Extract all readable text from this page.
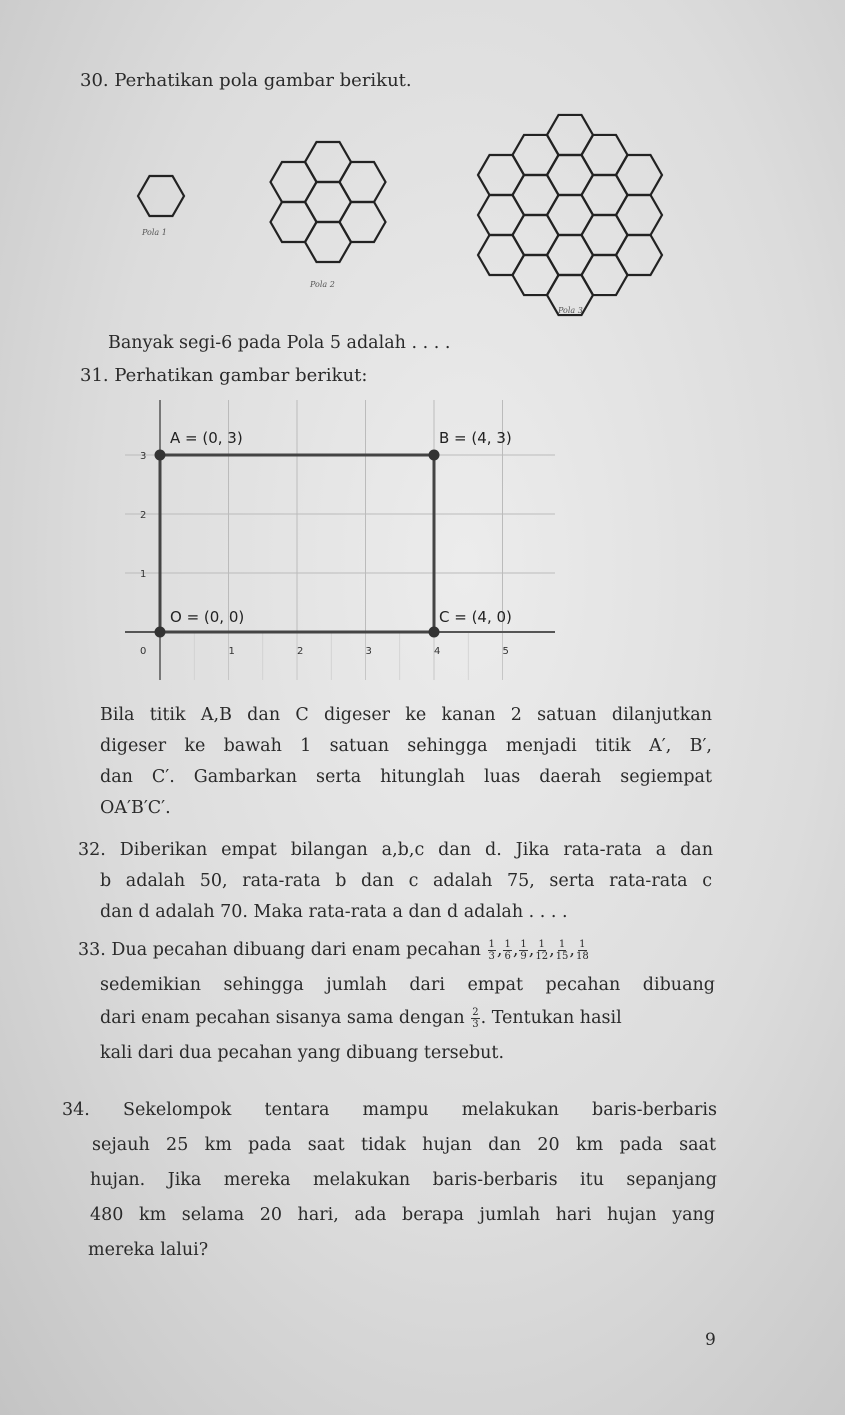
30. Perhatikan pola gambar berikut.
Pola 1
Pola 2
Pola 3
Banyak segi-6 pada Pola 5 adalah . . . .
31. Perhatikan gambar berikut:
0	1	2	3	4	5
1
2
3
A = (0, 3)	B = (4, 3)
O = (0, 0)	C = (4, 0)
Bila titik A,B dan C digeser ke kanan 2 satuan dilanjutkan
digeser ke bawah 1 satuan sehingga menjadi titik A′, B′,
dan C′. Gambarkan serta hitunglah luas daerah segiempat
OA′B′C′.
32. Diberikan empat bilangan a,b,c dan d. Jika rata-rata a dan
b adalah 50, rata-rata b dan c adalah 75, serta rata-rata c
dan d adalah 70. Maka rata-rata a dan d adalah . . . .
33. Dua pecahan dibuang dari enam pecahan $\frac{1}{3}$ , $\frac{1}{6}$ , $\frac{1}{9}$ , $\frac{1}{12}$ , $\frac{1}{15}$ , $\frac{1}{18}$
sedemikian sehingga jumlah dari empat pecahan dibuang
dari enam pecahan sisanya sama dengan $\frac{2}{3}$ . Tentukan hasil
kali dari dua pecahan yang dibuang tersebut.
34. Sekelompok tentara mampu melakukan baris-berbaris
sejauh 25 km pada saat tidak hujan dan 20 km pada saat
hujan. Jika mereka melakukan baris-berbaris itu sepanjang
480 km selama 20 hari, ada berapa jumlah hari hujan yang
mereka lalui?
9
